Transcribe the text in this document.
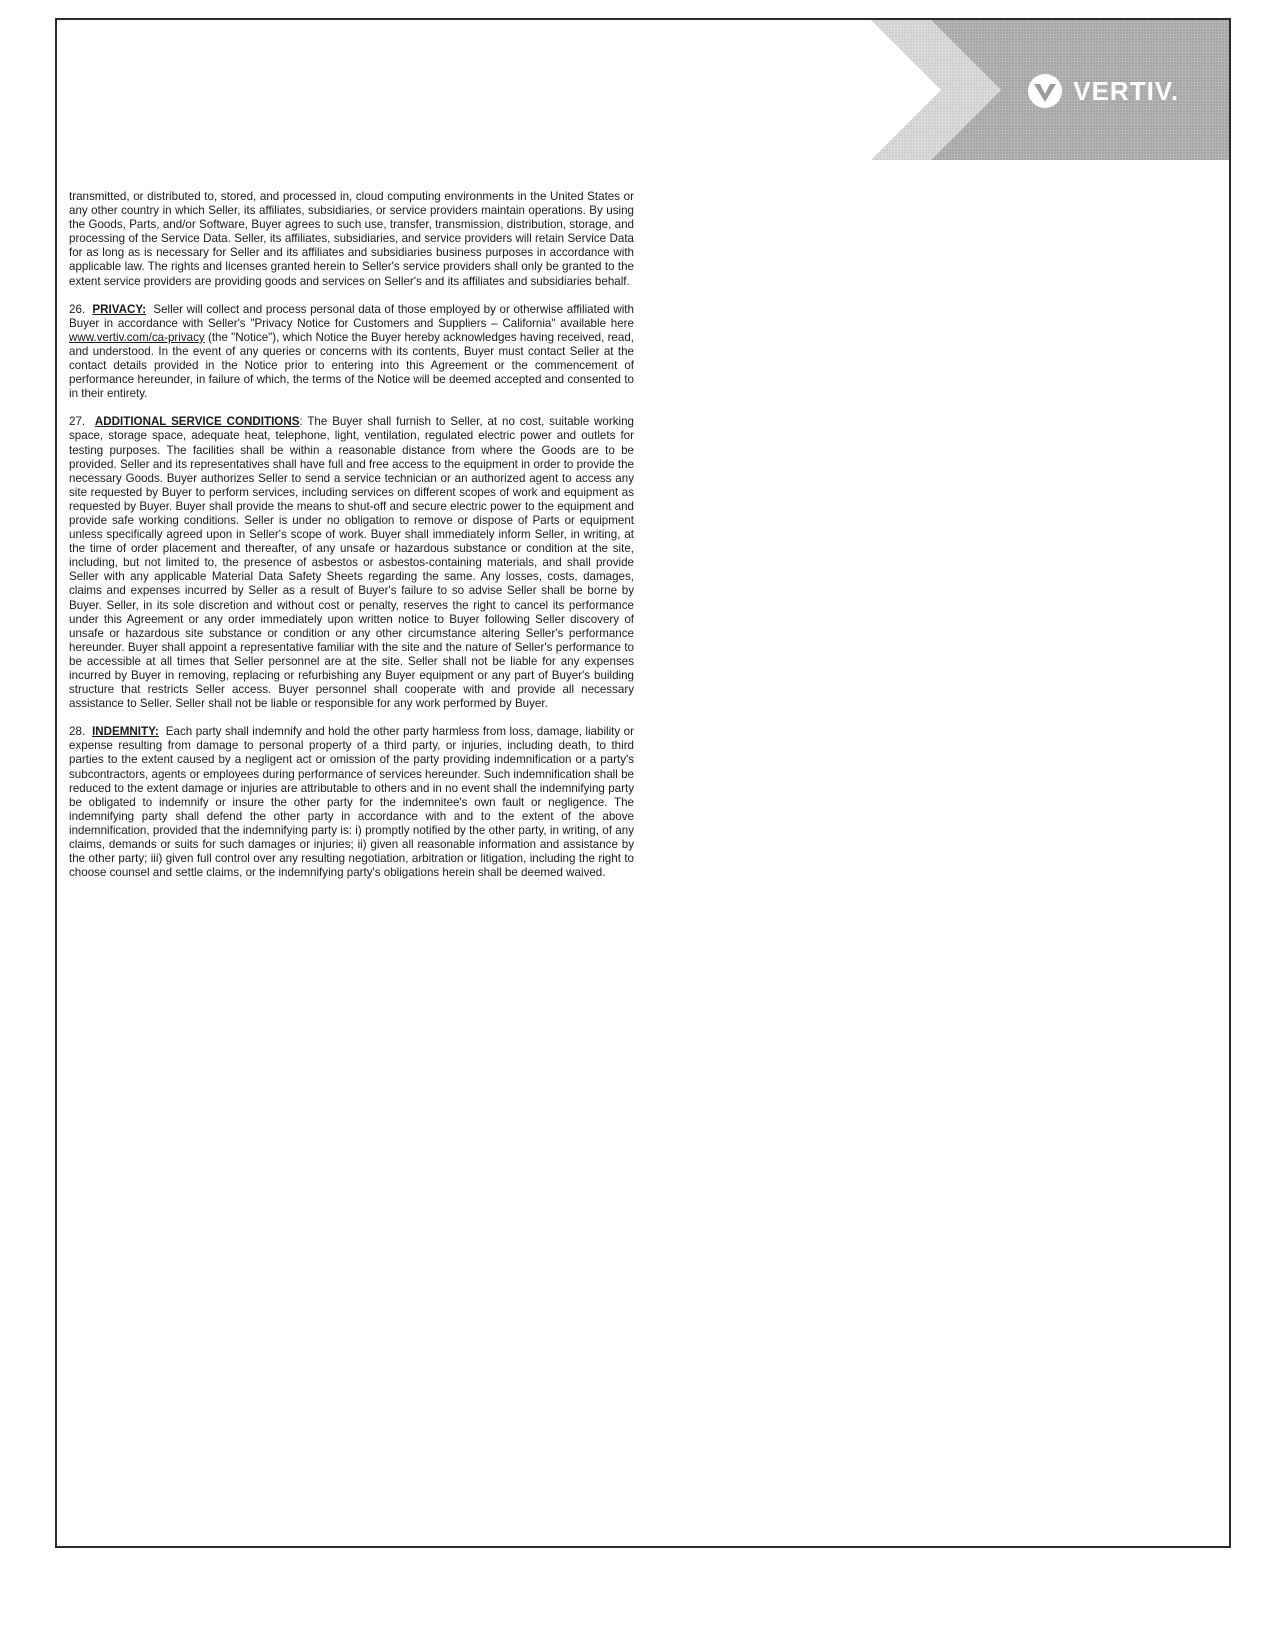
VERTIV.

transmitted, or distributed to, stored, and processed in, cloud computing environments in the United States or any other country in which Seller, its affiliates, subsidiaries, or service providers maintain operations. By using the Goods, Parts, and/or Software, Buyer agrees to such use, transfer, transmission, distribution, storage, and processing of the Service Data. Seller, its affiliates, subsidiaries, and service providers will retain Service Data for as long as is necessary for Seller and its affiliates and subsidiaries business purposes in accordance with applicable law. The rights and licenses granted herein to Seller's service providers shall only be granted to the extent service providers are providing goods and services on Seller's and its affiliates and subsidiaries behalf.

26. PRIVACY: Seller will collect and process personal data of those employed by or otherwise affiliated with Buyer in accordance with Seller's "Privacy Notice for Customers and Suppliers – California" available here www.vertiv.com/ca-privacy (the "Notice"), which Notice the Buyer hereby acknowledges having received, read, and understood. In the event of any queries or concerns with its contents, Buyer must contact Seller at the contact details provided in the Notice prior to entering into this Agreement or the commencement of performance hereunder, in failure of which, the terms of the Notice will be deemed accepted and consented to in their entirety.

27. ADDITIONAL SERVICE CONDITIONS: The Buyer shall furnish to Seller, at no cost, suitable working space, storage space, adequate heat, telephone, light, ventilation, regulated electric power and outlets for testing purposes. The facilities shall be within a reasonable distance from where the Goods are to be provided. Seller and its representatives shall have full and free access to the equipment in order to provide the necessary Goods. Buyer authorizes Seller to send a service technician or an authorized agent to access any site requested by Buyer to perform services, including services on different scopes of work and equipment as requested by Buyer. Buyer shall provide the means to shut-off and secure electric power to the equipment and provide safe working conditions. Seller is under no obligation to remove or dispose of Parts or equipment unless specifically agreed upon in Seller's scope of work. Buyer shall immediately inform Seller, in writing, at the time of order placement and thereafter, of any unsafe or hazardous substance or condition at the site, including, but not limited to, the presence of asbestos or asbestos-containing materials, and shall provide Seller with any applicable Material Data Safety Sheets regarding the same. Any losses, costs, damages, claims and expenses incurred by Seller as a result of Buyer's failure to so advise Seller shall be borne by Buyer. Seller, in its sole discretion and without cost or penalty, reserves the right to cancel its performance under this Agreement or any order immediately upon written notice to Buyer following Seller discovery of unsafe or hazardous site substance or condition or any other circumstance altering Seller's performance hereunder. Buyer shall appoint a representative familiar with the site and the nature of Seller's performance to be accessible at all times that Seller personnel are at the site. Seller shall not be liable for any expenses incurred by Buyer in removing, replacing or refurbishing any Buyer equipment or any part of Buyer's building structure that restricts Seller access. Buyer personnel shall cooperate with and provide all necessary assistance to Seller. Seller shall not be liable or responsible for any work performed by Buyer.

28. INDEMNITY: Each party shall indemnify and hold the other party harmless from loss, damage, liability or expense resulting from damage to personal property of a third party, or injuries, including death, to third parties to the extent caused by a negligent act or omission of the party providing indemnification or a party's subcontractors, agents or employees during performance of services hereunder. Such indemnification shall be reduced to the extent damage or injuries are attributable to others and in no event shall the indemnifying party be obligated to indemnify or insure the other party for the indemnitee's own fault or negligence. The indemnifying party shall defend the other party in accordance with and to the extent of the above indemnification, provided that the indemnifying party is: i) promptly notified by the other party, in writing, of any claims, demands or suits for such damages or injuries; ii) given all reasonable information and assistance by the other party; iii) given full control over any resulting negotiation, arbitration or litigation, including the right to choose counsel and settle claims, or the indemnifying party's obligations herein shall be deemed waived.
